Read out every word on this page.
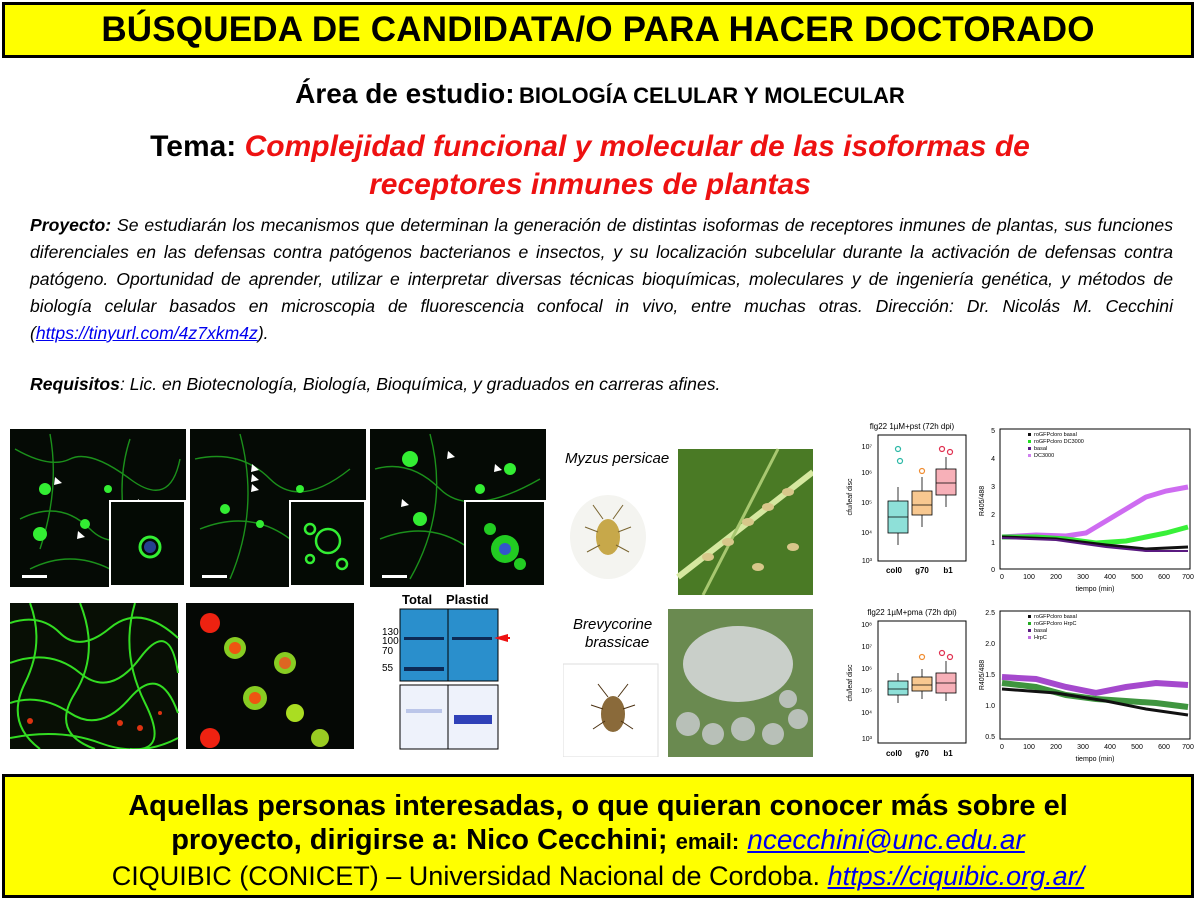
BÚSQUEDA DE CANDIDATA/O PARA HACER DOCTORADO
Área de estudio: BIOLOGÍA CELULAR Y MOLECULAR
Tema: Complejidad funcional y molecular de las isoformas de
receptores inmunes de plantas
Proyecto: Se estudiarán los mecanismos que determinan la generación de distintas isoformas de receptores inmunes de plantas, sus funciones diferenciales en las defensas contra patógenos bacterianos e insectos, y su localización subcelular durante la activación de defensas contra patógeno. Oportunidad de aprender, utilizar e interpretar diversas técnicas bioquímicas, moleculares y de ingeniería genética, y métodos de biología celular basados en microscopia de fluorescencia confocal in vivo, entre muchas otras. Dirección: Dr. Nicolás M. Cecchini (https://tinyurl.com/4z7xkm4z).
Requisitos: Lic. en Biotecnología, Biología, Bioquímica, y graduados en carreras afines.
Total Plastid
130
100
70
55
Myzus persicae
Brevycorine
brassicae
flg22 1µM+pst (72h dpi)
10⁷
10⁶
10⁵
10⁴
10³
cfu/leaf disc
col0 g70 b1
flg22 1µM+pma (72h dpi)
10⁸
10⁷
10⁶
10⁵
10⁴
10³
cfu/leaf disc
col0 g70 b1
5
4
3
2
1
0
R405/488
0	100 200 300 400 500 600 700
tiempo (min)
roGFPcloro basal
roGFPcloro DC3000
basal
DC3000
2.5
2.0
1.5
1.0
0.5
R405/488
0	100 200 300 400 500 600 700
tiempo (min)
roGFPcloro basal
roGFPcloro HrpC
basal
HrpC
Aquellas personas interesadas, o que quieran conocer más sobre el
proyecto, dirigirse a: Nico Cecchini; email: ncecchini@unc.edu.ar
CIQUIBIC (CONICET) – Universidad Nacional de Cordoba. https://ciquibic.org.ar/
